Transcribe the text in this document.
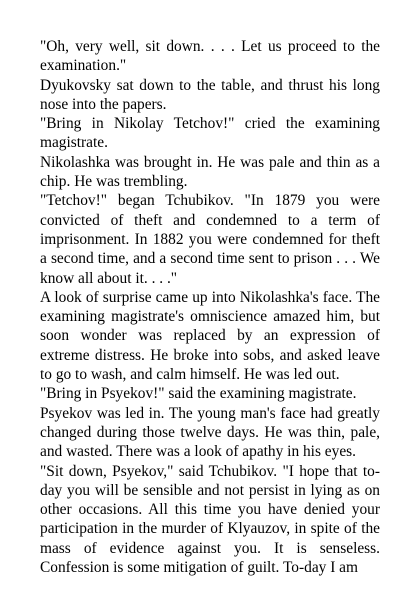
"Oh, very well, sit down. . . . Let us proceed to the examination."

Dyukovsky sat down to the table, and thrust his long nose into the papers.

"Bring in Nikolay Tetchov!" cried the examining magistrate.

Nikolashka was brought in. He was pale and thin as a chip. He was trembling.

"Tetchov!" began Tchubikov. "In 1879 you were convicted of theft and condemned to a term of imprisonment. In 1882 you were condemned for theft a second time, and a second time sent to prison . . . We know all about it. . . ."

A look of surprise came up into Nikolashka's face. The examining magistrate's omniscience amazed him, but soon wonder was replaced by an expression of extreme distress. He broke into sobs, and asked leave to go to wash, and calm himself. He was led out.

"Bring in Psyekov!" said the examining magistrate.

Psyekov was led in. The young man's face had greatly changed during those twelve days. He was thin, pale, and wasted. There was a look of apathy in his eyes.

"Sit down, Psyekov," said Tchubikov. "I hope that to-day you will be sensible and not persist in lying as on other occasions. All this time you have denied your participation in the murder of Klyauzov, in spite of the mass of evidence against you. It is senseless. Confession is some mitigation of guilt. To-day I am
